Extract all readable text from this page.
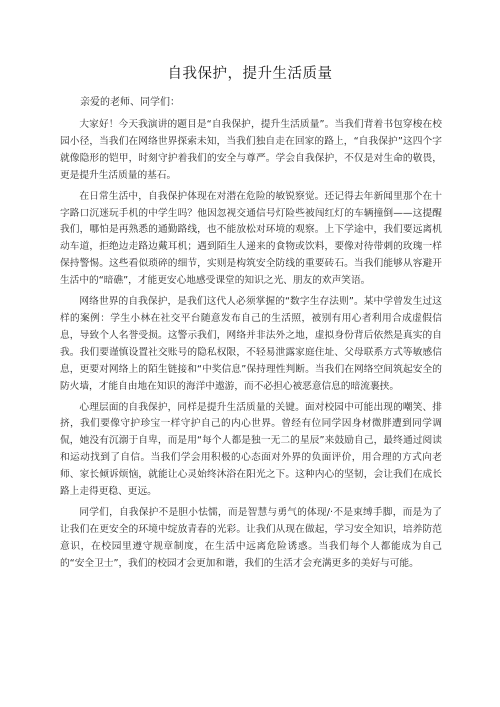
自我保护，提升生活质量
亲爱的老师、同学们：

大家好！今天我演讲的题目是“自我保护，提升生活质量”。当我们背着书包穿梭在校园小径，当我们在网络世界探索未知，当我们独自走在回家的路上，“自我保护”这四个字就像隐形的铠甲，时刻守护着我们的安全与尊严。学会自我保护，不仅是对生命的敬畏，更是提升生活质量的基石。

在日常生活中，自我保护体现在对潜在危险的敏锐察觉。还记得去年新闻里那个在十字路口沉迷玩手机的中学生吗？他因忽视交通信号灯险些被闯红灯的车辆撞倒——这提醒我们，哪怕是再熟悉的通勤路线，也不能放松对环境的观察。上下学途中，我们要远离机动车道，拒绝边走路边戴耳机；遇到陌生人递来的食物或饮料，要像对待带刺的玫瑰一样保持警惕。这些看似琐碎的细节，实则是构筑安全防线的重要砖石。当我们能够从容避开生活中的“暗礁”，才能更安心地感受课堂的知识之光、朋友的欢声笑语。

网络世界的自我保护，是我们这代人必须掌握的“数字生存法则”。某中学曾发生过这样的案例：学生小林在社交平台随意发布自己的生活照，被别有用心者利用合成虚假信息，导致个人名誉受损。这警示我们，网络并非法外之地，虚拟身份背后依然是真实的自我。我们要谨慎设置社交账号的隐私权限，不轻易泄露家庭住址、父母联系方式等敏感信息，更要对网络上的陌生链接和“中奖信息”保持理性判断。当我们在网络空间筑起安全的防火墙，才能自由地在知识的海洋中遨游，而不必担心被恶意信息的暗流裹挟。

心理层面的自我保护，同样是提升生活质量的关键。面对校园中可能出现的嘲笑、排挤，我们要像守护珍宝一样守护自己的内心世界。曾经有位同学因身材微胖遭到同学调侃，她没有沉溺于自卑，而是用“每个人都是独一无二的星辰”来鼓励自己，最终通过阅读和运动找到了自信。当我们学会用积极的心态面对外界的负面评价，用合理的方式向老师、家长倾诉烦恼，就能让心灵始终沐浴在阳光之下。这种内心的坚韧，会让我们在成长路上走得更稳、更远。

同学们，自我保护不是胆小怯懦，而是智慧与勇气的体现/·不是束缚手脚，而是为了让我们在更安全的环境中绽放青春的光彩。让我们从现在做起，学习安全知识，培养防范意识，在校园里遵守规章制度，在生活中远离危险诱惑。当我们每个人都能成为自己的“安全卫士”，我们的校园才会更加和谐，我们的生活才会充满更多的美好与可能。
